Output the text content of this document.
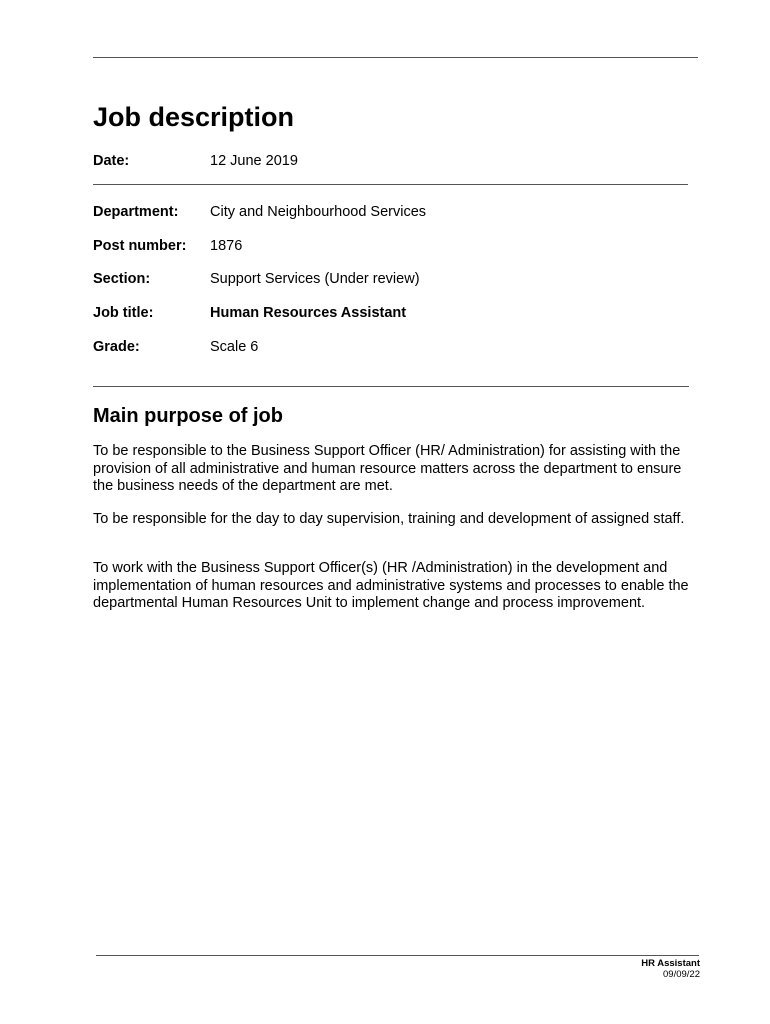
Job description
Date:	12 June 2019
Department: City and Neighbourhood Services
Post number: 1876
Section:	Support Services (Under review)
Job title:	Human Resources Assistant
Grade:	Scale 6
Main purpose of job

To be responsible to the Business Support Officer (HR/ Administration) for assisting with the provision of all administrative and human resource matters across the department to ensure the business needs of the department are met.

To be responsible for the day to day supervision, training and development of assigned staff.

To work with the Business Support Officer(s) (HR /Administration) in the development and implementation of human resources and administrative systems and processes to enable the departmental Human Resources Unit to implement change and process improvement.

HR Assistant
09/09/22
